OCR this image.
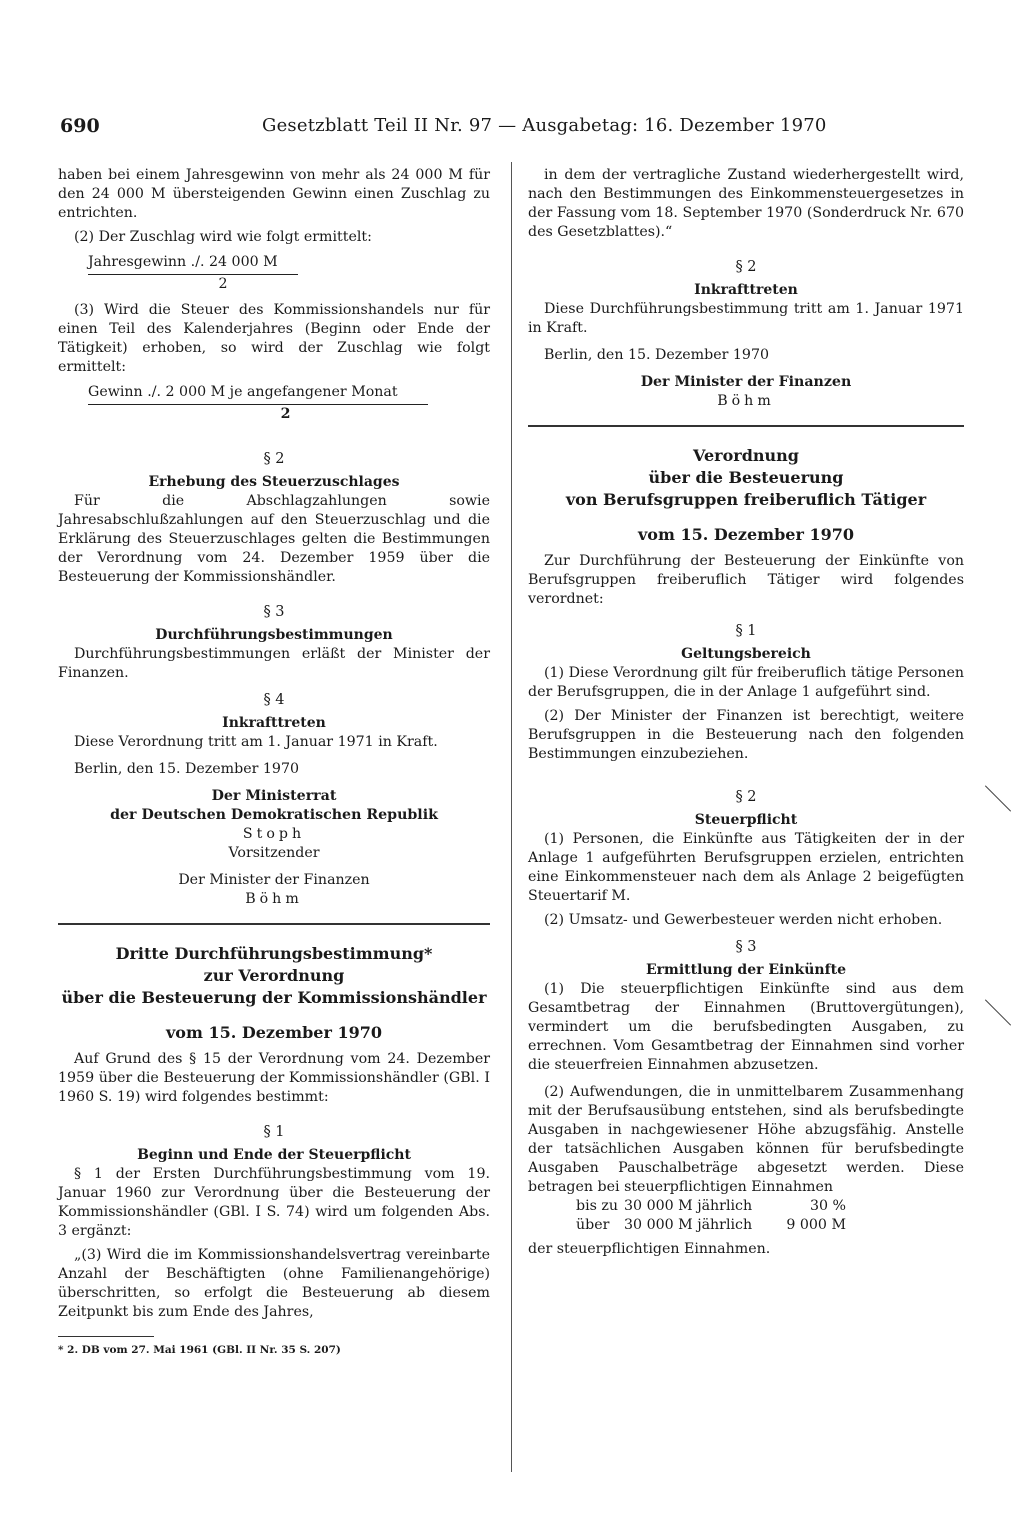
690	Gesetzblatt Teil II Nr. 97 — Ausgabetag: 16. Dezember 1970

haben bei einem Jahresgewinn von mehr als 24 000 M für den 24 000 M übersteigenden Gewinn einen Zuschlag zu entrichten.

(2) Der Zuschlag wird wie folgt ermittelt:

Jahresgewinn ./. 24 000 M
2

(3) Wird die Steuer des Kommissionshandels nur für einen Teil des Kalenderjahres (Beginn oder Ende der Tätigkeit) erhoben, so wird der Zuschlag wie folgt ermittelt:

Gewinn ./. 2 000 M je angefangener Monat
2
§ 2
Erhebung des Steuerzuschlages

Für die Abschlagzahlungen sowie Jahresabschlußzahlungen auf den Steuerzuschlag und die Erklärung des Steuerzuschlages gelten die Bestimmungen der Verordnung vom 24. Dezember 1959 über die Besteuerung der Kommissionshändler.

§ 3
Durchführungsbestimmungen

Durchführungsbestimmungen erläßt der Minister der Finanzen.

§ 4
Inkrafttreten

Diese Verordnung tritt am 1. Januar 1971 in Kraft.

Berlin, den 15. Dezember 1970

Der Ministerrat
der Deutschen Demokratischen Republik
Stoph
Vorsitzender
Der Minister der Finanzen
Böhm
Dritte Durchführungsbestimmung*
zur Verordnung
über die Besteuerung der Kommissionshändler
vom 15. Dezember 1970

Auf Grund des § 15 der Verordnung vom 24. Dezember 1959 über die Besteuerung der Kommissionshändler (GBl. I 1960 S. 19) wird folgendes bestimmt:

§ 1
Beginn und Ende der Steuerpflicht

§ 1 der Ersten Durchführungsbestimmung vom 19. Januar 1960 zur Verordnung über die Besteuerung der Kommissionshändler (GBl. I S. 74) wird um folgenden Abs. 3 ergänzt:

„(3) Wird die im Kommissionshandelsvertrag vereinbarte Anzahl der Beschäftigten (ohne Familienangehörige) überschritten, so erfolgt die Besteuerung ab diesem Zeitpunkt bis zum Ende des Jahres,

* 2. DB vom 27. Mai 1961 (GBl. II Nr. 35 S. 207)

in dem der vertragliche Zustand wiederhergestellt wird, nach den Bestimmungen des Einkommensteuergesetzes in der Fassung vom 18. September 1970 (Sonderdruck Nr. 670 des Gesetzblattes).“

§ 2
Inkrafttreten

Diese Durchführungsbestimmung tritt am 1. Januar 1971 in Kraft.

Berlin, den 15. Dezember 1970

Der Minister der Finanzen
Böhm
Verordnung
über die Besteuerung
von Berufsgruppen freiberuflich Tätiger
vom 15. Dezember 1970

Zur Durchführung der Besteuerung der Einkünfte von Berufsgruppen freiberuflich Tätiger wird folgendes verordnet:

§ 1
Geltungsbereich

(1) Diese Verordnung gilt für freiberuflich tätige Personen der Berufsgruppen, die in der Anlage 1 aufgeführt sind.

(2) Der Minister der Finanzen ist berechtigt, weitere Berufsgruppen in die Besteuerung nach den folgenden Bestimmungen einzubeziehen.

§ 2
Steuerpflicht

(1) Personen, die Einkünfte aus Tätigkeiten der in der Anlage 1 aufgeführten Berufsgruppen erzielen, entrichten eine Einkommensteuer nach dem als Anlage 2 beigefügten Steuertarif M.

(2) Umsatz- und Gewerbesteuer werden nicht erhoben.

§ 3
Ermittlung der Einkünfte

(1) Die steuerpflichtigen Einkünfte sind aus dem Gesamtbetrag der Einnahmen (Bruttovergütungen), vermindert um die berufsbedingten Ausgaben, zu errechnen. Vom Gesamtbetrag der Einnahmen sind vorher die steuerfreien Einnahmen abzusetzen.

(2) Aufwendungen, die in unmittelbarem Zusammenhang mit der Berufsausübung entstehen, sind als berufsbedingte Ausgaben in nachgewiesener Höhe abzugsfähig. Anstelle der tatsächlichen Ausgaben können für berufsbedingte Ausgaben Pauschalbeträge abgesetzt werden. Diese betragen bei steuerpflichtigen Einnahmen

bis zu 30 000 M jährlich	30 %
über	30 000 M jährlich	9 000 M

der steuerpflichtigen Einnahmen.
